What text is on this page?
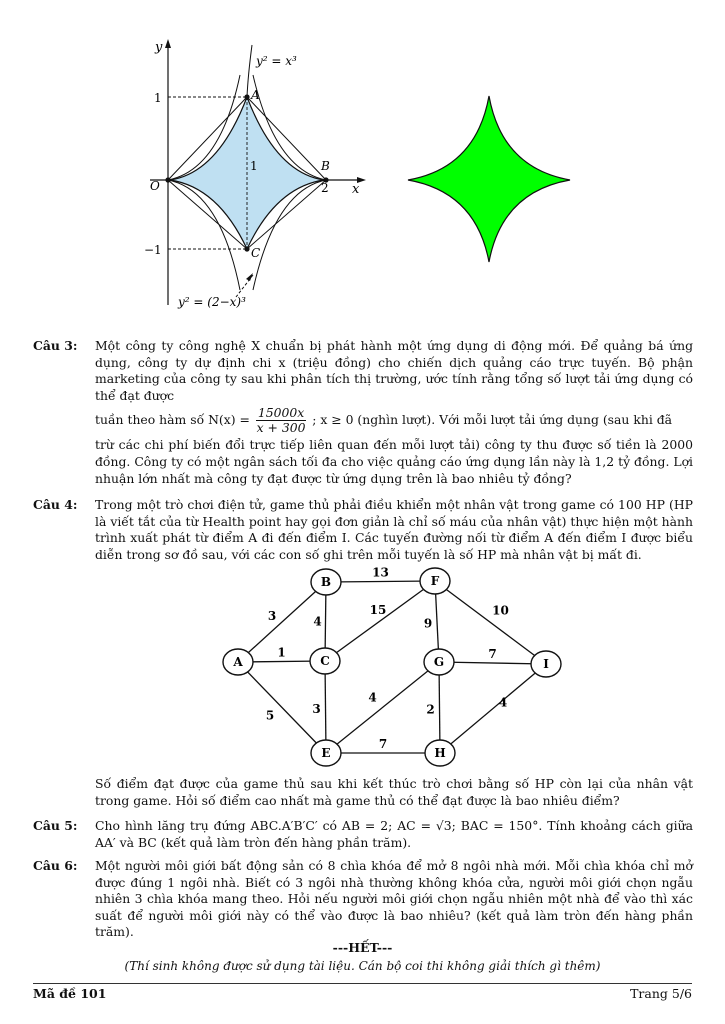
y
x
y² = x³
y² = (2−x)³
A
B
C
O
1
−1
2
1
Câu 3: Một công ty công nghệ X chuẩn bị phát hành một ứng dụng di động mới. Để quảng bá ứng dụng, công ty dự định chi x (triệu đồng) cho chiến dịch quảng cáo trực tuyến. Bộ phận marketing của công ty sau khi phân tích thị trường, ước tính rằng tổng số lượt tải ứng dụng có thể đạt được
tuần theo hàm số $N(x) = \frac{15000x}{x + 300}$ ; x ≥ 0 (nghìn lượt). Với mỗi lượt tải ứng dụng (sau khi đã
trừ các chi phí biến đổi trực tiếp liên quan đến mỗi lượt tải) công ty thu được số tiền là 2000 đồng. Công ty có một ngân sách tối đa cho việc quảng cáo ứng dụng lần này là 1,2 tỷ đồng. Lợi nhuận lớn nhất mà công ty đạt được từ ứng dụng trên là bao nhiêu tỷ đồng?
Câu 4: Trong một trò chơi điện tử, game thủ phải điều khiển một nhân vật trong game có 100 HP (HP là viết tắt của từ Health point hay gọi đơn giản là chỉ số máu của nhân vật) thực hiện một hành trình xuất phát từ điểm A đi đến điểm I. Các tuyến đường nối từ điểm A đến điểm I được biểu diễn trong sơ đồ sau, với các con số ghi trên mỗi tuyến là số HP mà nhân vật bị mất đi.
3
1
5
13
4
15
3
9
10
7
4
2
7
4
A
B
C
E
F
G
H
I
Số điểm đạt được của game thủ sau khi kết thúc trò chơi bằng số HP còn lại của nhân vật trong game. Hỏi số điểm cao nhất mà game thủ có thể đạt được là bao nhiêu điểm?
Câu 5: Cho hình lăng trụ đứng ABC.A′B′C′ có AB = 2; AC = √3; BAC = 150°. Tính khoảng cách giữa AA′ và BC (kết quả làm tròn đến hàng phần trăm).
Câu 6: Một người môi giới bất động sản có 8 chìa khóa để mở 8 ngôi nhà mới. Mỗi chìa khóa chỉ mở được đúng 1 ngôi nhà. Biết có 3 ngôi nhà thường không khóa cửa, người môi giới chọn ngẫu nhiên 3 chìa khóa mang theo. Hỏi nếu người môi giới chọn ngẫu nhiên một nhà để vào thì xác suất để người môi giới này có thể vào được là bao nhiêu? (kết quả làm tròn đến hàng phần trăm).
---HẾT---
(Thí sinh không được sử dụng tài liệu. Cán bộ coi thi không giải thích gì thêm)
Mã đề 101	Trang 5/6
